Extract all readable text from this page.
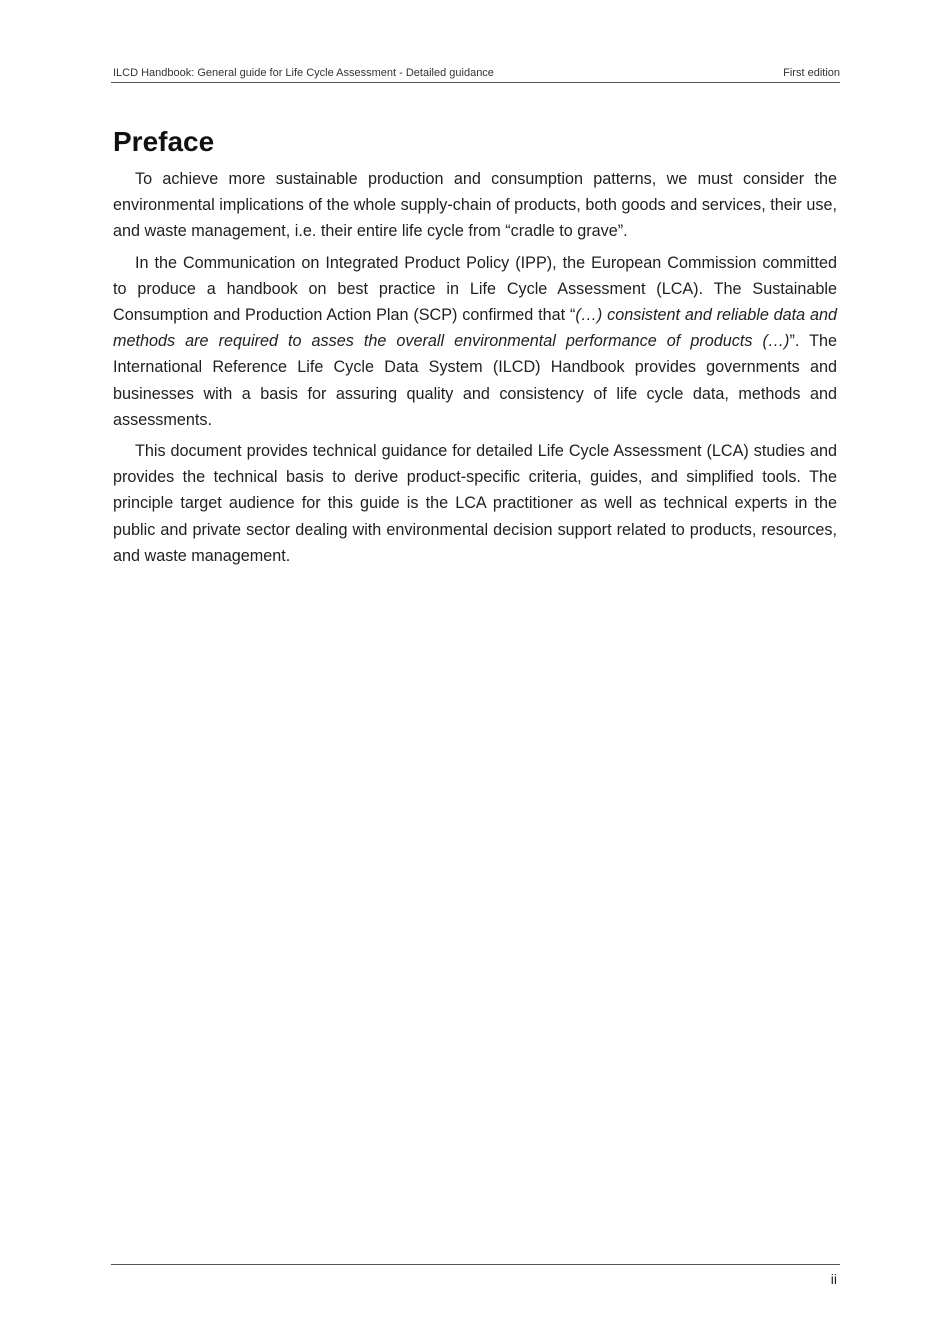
ILCD Handbook: General guide for Life Cycle Assessment - Detailed guidance	First edition
Preface

To achieve more sustainable production and consumption patterns, we must consider the environmental implications of the whole supply-chain of products, both goods and services, their use, and waste management, i.e. their entire life cycle from “cradle to grave”.

In the Communication on Integrated Product Policy (IPP), the European Commission committed to produce a handbook on best practice in Life Cycle Assessment (LCA). The Sustainable Consumption and Production Action Plan (SCP) confirmed that “(…) consistent and reliable data and methods are required to asses the overall environmental performance of products (…)”. The International Reference Life Cycle Data System (ILCD) Handbook provides governments and businesses with a basis for assuring quality and consistency of life cycle data, methods and assessments.

This document provides technical guidance for detailed Life Cycle Assessment (LCA) studies and provides the technical basis to derive product-specific criteria, guides, and simplified tools. The principle target audience for this guide is the LCA practitioner as well as technical experts in the public and private sector dealing with environmental decision support related to products, resources, and waste management.

ii
